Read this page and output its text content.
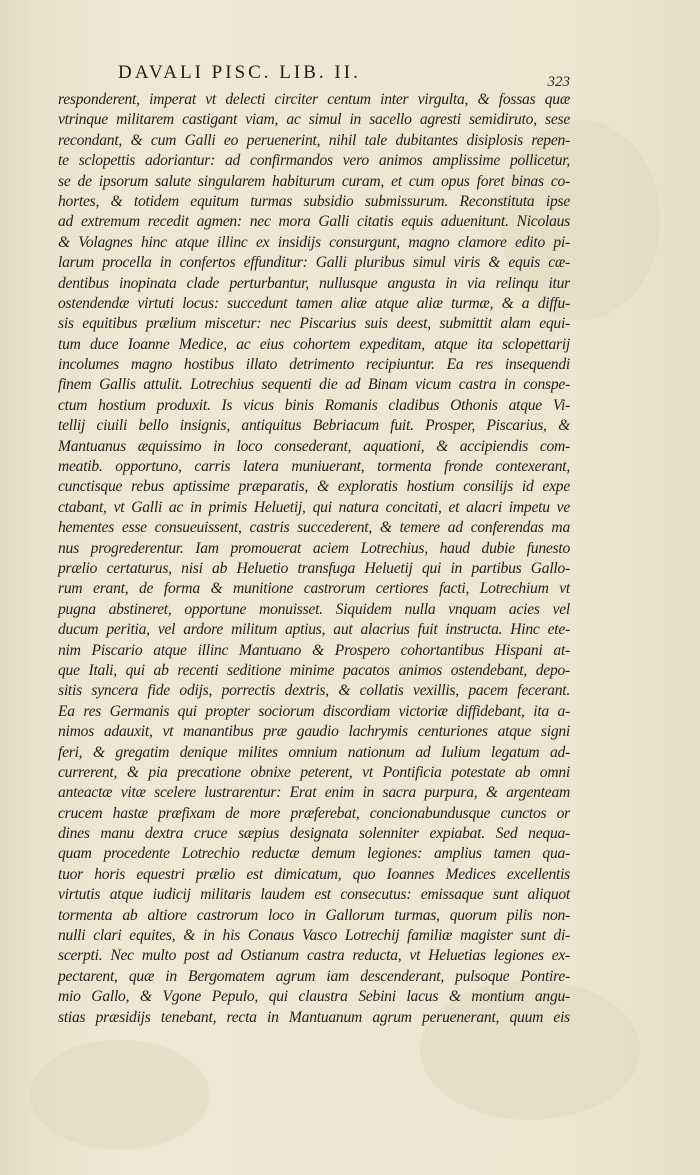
DAVALI PISC. LIB. II.	323
responderent, imperat vt delecti circiter centum inter virgulta, & fossas quæ
vtrinque militarem castigant viam, ac simul in sacello agresti semidiruto, sese
recondant, & cum Galli eo peruenerint, nihil tale dubitantes disiplosis repen-
te sclopettis adoriantur: ad confirmandos vero animos amplissime pollicetur,
se de ipsorum salute singularem habiturum curam, et cum opus foret binas co-
hortes, & totidem equitum turmas subsidio submissurum. Reconstituta ipse
ad extremum recedit agmen: nec mora Galli citatis equis aduenitunt. Nicolaus
& Volagnes hinc atque illinc ex insidijs consurgunt, magno clamore edito pi-
larum procella in confertos effunditur: Galli pluribus simul viris & equis cæ-
dentibus inopinata clade perturbantur, nullusque angusta in via relinqu itur
ostendendæ virtuti locus: succedunt tamen aliæ atque aliæ turmæ, & a diffu-
sis equitibus prælium miscetur: nec Piscarius suis deest, submittit alam equi-
tum duce Ioanne Medice, ac eius cohortem expeditam, atque ita sclopettarij
incolumes magno hostibus illato detrimento recipiuntur. Ea res insequendi
finem Gallis attulit. Lotrechius sequenti die ad Binam vicum castra in conspe-
ctum hostium produxit. Is vicus binis Romanis cladibus Othonis atque Vi-
tellij ciuili bello insignis, antiquitus Bebriacum fuit. Prosper, Piscarius, &
Mantuanus æquissimo in loco consederant, aquationi, & accipiendis com-
meatib. opportuno, carris latera muniuerant, tormenta fronde contexerant,
cunctisque rebus aptissime præparatis, & exploratis hostium consilijs id expe
ctabant, vt Galli ac in primis Heluetij, qui natura concitati, et alacri impetu ve
hementes esse consueuissent, castris succederent, & temere ad conferendas ma
nus progrederentur. Iam promouerat aciem Lotrechius, haud dubie funesto
prælio certaturus, nisi ab Heluetio transfuga Heluetij qui in partibus Gallo-
rum erant, de forma & munitione castrorum certiores facti, Lotrechium vt
pugna abstineret, opportune monuisset. Siquidem nulla vnquam acies vel
ducum peritia, vel ardore militum aptius, aut alacrius fuit instructa. Hinc ete-
nim Piscario atque illinc Mantuano & Prospero cohortantibus Hispani at-
que Itali, qui ab recenti seditione minime pacatos animos ostendebant, depo-
sitis syncera fide odijs, porrectis dextris, & collatis vexillis, pacem fecerant.
Ea res Germanis qui propter sociorum discordiam victoriæ diffidebant, ita a-
nimos adauxit, vt manantibus præ gaudio lachrymis centuriones atque signi
feri, & gregatim denique milites omnium nationum ad Iulium legatum ad-
currerent, & pia precatione obnixe peterent, vt Pontificia potestate ab omni
anteactæ vitæ scelere lustrarentur: Erat enim in sacra purpura, & argenteam
crucem hastæ præfixam de more præferebat, concionabundusque cunctos or
dines manu dextra cruce sæpius designata solenniter expiabat. Sed nequa-
quam procedente Lotrechio reductæ demum legiones: amplius tamen qua-
tuor horis equestri prælio est dimicatum, quo Ioannes Medices excellentis
virtutis atque iudicij militaris laudem est consecutus: emissaque sunt aliquot
tormenta ab altiore castrorum loco in Gallorum turmas, quorum pilis non-
nulli clari equites, & in his Conaus Vasco Lotrechij familiæ magister sunt di-
scerpti. Nec multo post ad Ostianum castra reducta, vt Heluetias legiones ex-
pectarent, quæ in Bergomatem agrum iam descenderant, pulsoque Pontire-
mio Gallo, & Vgone Pepulo, qui claustra Sebini lacus & montium angu-
stias præsidijs tenebant, recta in Mantuanum agrum peruenerant, quum eis
